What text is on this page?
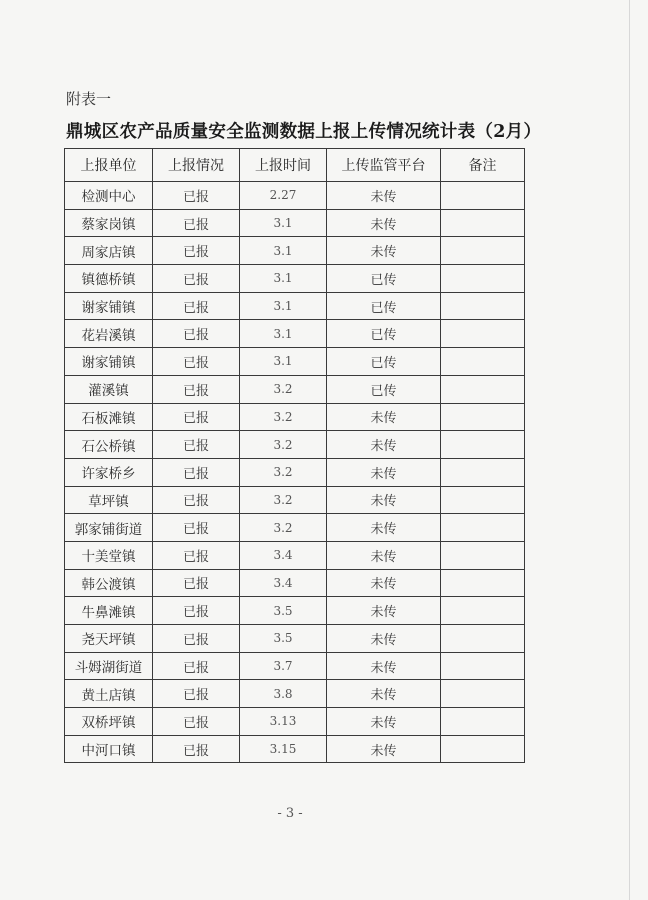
附表一
鼎城区农产品质量安全监测数据上报上传情况统计表（2月）
上报单位	上报情况	上报时间	上传监管平台	备注
检测中心	已报	2.27	未传	
蔡家岗镇	已报	3.1	未传	
周家店镇	已报	3.1	未传	
镇德桥镇	已报	3.1	已传	
谢家铺镇	已报	3.1	已传	
花岩溪镇	已报	3.1	已传	
谢家铺镇	已报	3.1	已传	
灌溪镇	已报	3.2	已传	
石板滩镇	已报	3.2	未传	
石公桥镇	已报	3.2	未传	
许家桥乡	已报	3.2	未传	
草坪镇	已报	3.2	未传	
郭家铺街道	已报	3.2	未传	
十美堂镇	已报	3.4	未传	
韩公渡镇	已报	3.4	未传	
牛鼻滩镇	已报	3.5	未传	
尧天坪镇	已报	3.5	未传	
斗姆湖街道	已报	3.7	未传	
黄土店镇	已报	3.8	未传	
双桥坪镇	已报	3.13	未传	
中河口镇	已报	3.15	未传	
- 3 -
